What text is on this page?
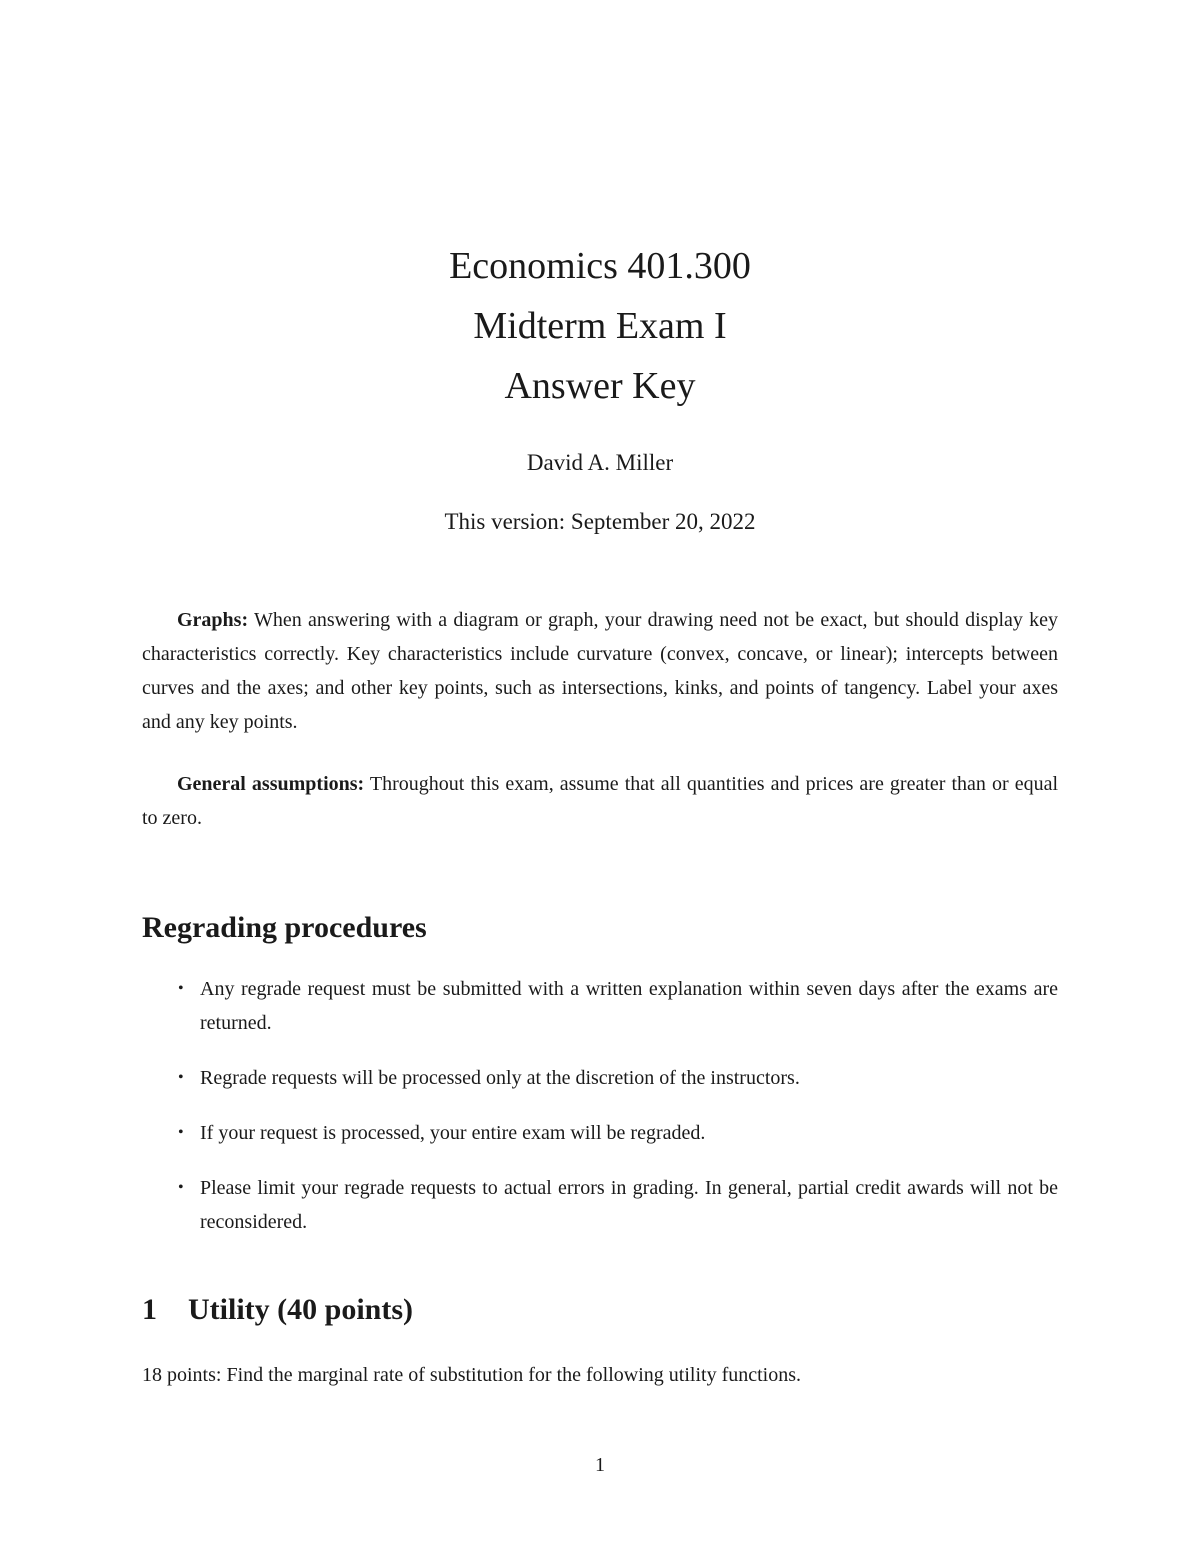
Economics 401.300
Midterm Exam I
Answer Key
David A. Miller
This version: September 20, 2022

Graphs: When answering with a diagram or graph, your drawing need not be exact, but should display key characteristics correctly. Key characteristics include curvature (convex, concave, or linear); intercepts between curves and the axes; and other key points, such as intersections, kinks, and points of tangency. Label your axes and any key points.

General assumptions: Throughout this exam, assume that all quantities and prices are greater than or equal to zero.

Regrading procedures
• Any regrade request must be submitted with a written explanation within seven days after the exams are returned.
• Regrade requests will be processed only at the discretion of the instructors.
• If your request is processed, your entire exam will be regraded.
• Please limit your regrade requests to actual errors in grading. In general, partial credit awards will not be reconsidered.
1 Utility (40 points)
18 points: Find the marginal rate of substitution for the following utility functions.
1
